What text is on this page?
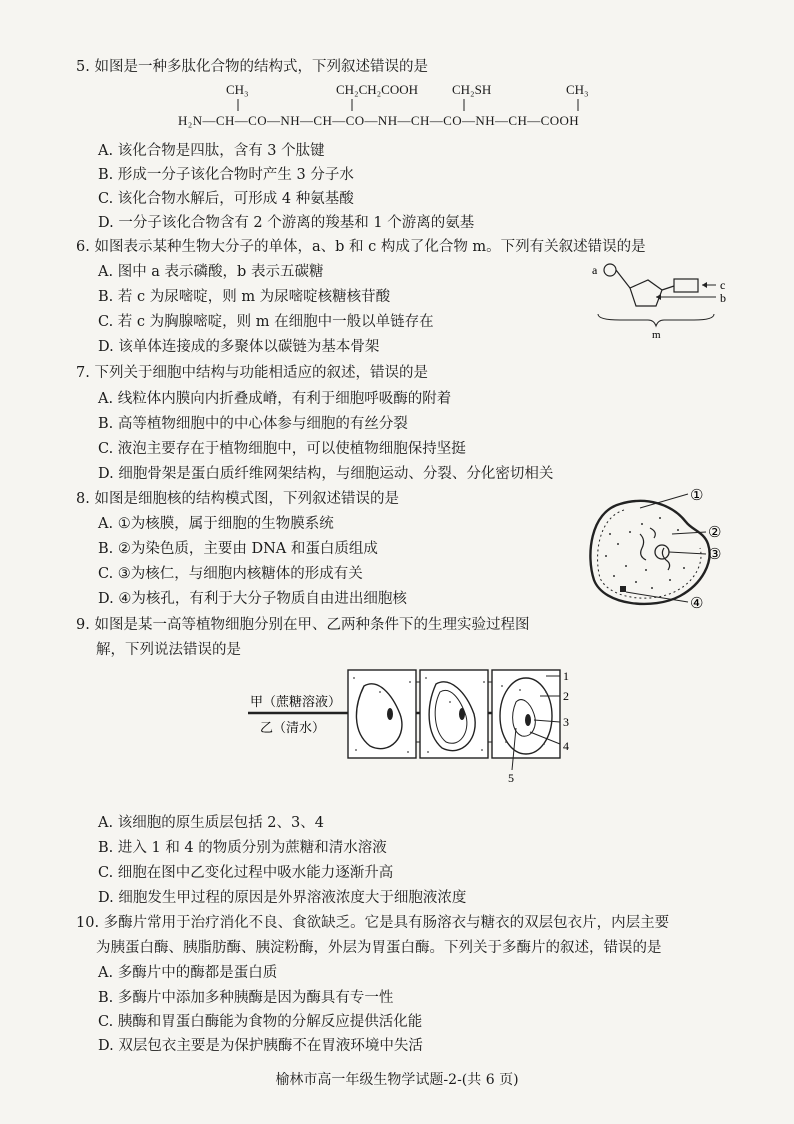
5. 如图是一种多肽化合物的结构式，下列叙述错误的是
CH₃	CH₂CH₂COOH	CH₂SH	CH₃
H₂N—CH—CO—NH—CH—CO—NH—CH—CO—NH—CH—COOH
A. 该化合物是四肽，含有 3 个肽键
B. 形成一分子该化合物时产生 3 分子水
C. 该化合物水解后，可形成 4 种氨基酸
D. 一分子该化合物含有 2 个游离的羧基和 1 个游离的氨基
6. 如图表示某种生物大分子的单体，a、b 和 c 构成了化合物 m。下列有关叙述错误的是
A. 图中 a 表示磷酸，b 表示五碳糖
B. 若 c 为尿嘧啶，则 m 为尿嘧啶核糖核苷酸
C. 若 c 为胸腺嘧啶，则 m 在细胞中一般以单链存在
D. 该单体连接成的多聚体以碳链为基本骨架
a
c
b
m
7. 下列关于细胞中结构与功能相适应的叙述，错误的是
A. 线粒体内膜向内折叠成嵴，有利于细胞呼吸酶的附着
B. 高等植物细胞中的中心体参与细胞的有丝分裂
C. 液泡主要存在于植物细胞中，可以使植物细胞保持坚挺
D. 细胞骨架是蛋白质纤维网架结构，与细胞运动、分裂、分化密切相关
8. 如图是细胞核的结构模式图，下列叙述错误的是
A. ①为核膜，属于细胞的生物膜系统
B. ②为染色质，主要由 DNA 和蛋白质组成
C. ③为核仁，与细胞内核糖体的形成有关
D. ④为核孔，有利于大分子物质自由进出细胞核
①
②
③
④
9. 如图是某一高等植物细胞分别在甲、乙两种条件下的生理实验过程图
解，下列说法错误的是
甲（蔗糖溶液）
乙（清水）
1
2
3
4
5
A. 该细胞的原生质层包括 2、3、4
B. 进入 1 和 4 的物质分别为蔗糖和清水溶液
C. 细胞在图中乙变化过程中吸水能力逐渐升高
D. 细胞发生甲过程的原因是外界溶液浓度大于细胞液浓度
10. 多酶片常用于治疗消化不良、食欲缺乏。它是具有肠溶衣与糖衣的双层包衣片，内层主要
为胰蛋白酶、胰脂肪酶、胰淀粉酶，外层为胃蛋白酶。下列关于多酶片的叙述，错误的是
A. 多酶片中的酶都是蛋白质
B. 多酶片中添加多种胰酶是因为酶具有专一性
C. 胰酶和胃蛋白酶能为食物的分解反应提供活化能
D. 双层包衣主要是为保护胰酶不在胃液环境中失活
榆林市高一年级生物学试题-2-(共 6 页)
